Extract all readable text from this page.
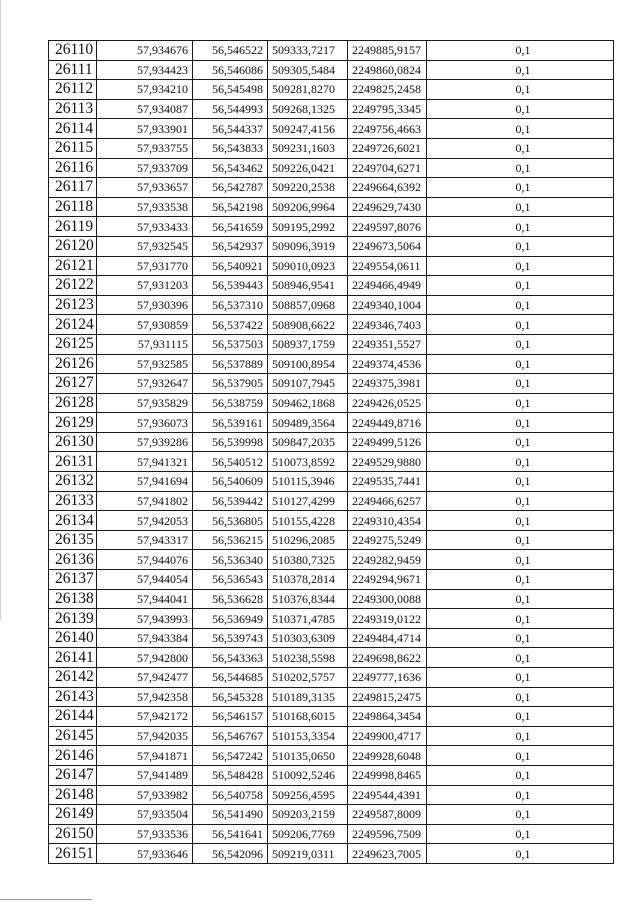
26110	57,934676	56,546522	509333,7217	2249885,9157	0,1
26111	57,934423	56,546086	509305,5484	2249860,0824	0,1
26112	57,934210	56,545498	509281,8270	2249825,2458	0,1
26113	57,934087	56,544993	509268,1325	2249795,3345	0,1
26114	57,933901	56,544337	509247,4156	2249756,4663	0,1
26115	57,933755	56,543833	509231,1603	2249726,6021	0,1
26116	57,933709	56,543462	509226,0421	2249704,6271	0,1
26117	57,933657	56,542787	509220,2538	2249664,6392	0,1
26118	57,933538	56,542198	509206,9964	2249629,7430	0,1
26119	57,933433	56,541659	509195,2992	2249597,8076	0,1
26120	57,932545	56,542937	509096,3919	2249673,5064	0,1
26121	57,931770	56,540921	509010,0923	2249554,0611	0,1
26122	57,931203	56,539443	508946,9541	2249466,4949	0,1
26123	57,930396	56,537310	508857,0968	2249340,1004	0,1
26124	57,930859	56,537422	508908,6622	2249346,7403	0,1
26125	57,931115	56,537503	508937,1759	2249351,5527	0,1
26126	57,932585	56,537889	509100,8954	2249374,4536	0,1
26127	57,932647	56,537905	509107,7945	2249375,3981	0,1
26128	57,935829	56,538759	509462,1868	2249426,0525	0,1
26129	57,936073	56,539161	509489,3564	2249449,8716	0,1
26130	57,939286	56,539998	509847,2035	2249499,5126	0,1
26131	57,941321	56,540512	510073,8592	2249529,9880	0,1
26132	57,941694	56,540609	510115,3946	2249535,7441	0,1
26133	57,941802	56,539442	510127,4299	2249466,6257	0,1
26134	57,942053	56,536805	510155,4228	2249310,4354	0,1
26135	57,943317	56,536215	510296,2085	2249275,5249	0,1
26136	57,944076	56,536340	510380,7325	2249282,9459	0,1
26137	57,944054	56,536543	510378,2814	2249294,9671	0,1
26138	57,944041	56,536628	510376,8344	2249300,0088	0,1
26139	57,943993	56,536949	510371,4785	2249319,0122	0,1
26140	57,943384	56,539743	510303,6309	2249484,4714	0,1
26141	57,942800	56,543363	510238,5598	2249698,8622	0,1
26142	57,942477	56,544685	510202,5757	2249777,1636	0,1
26143	57,942358	56,545328	510189,3135	2249815,2475	0,1
26144	57,942172	56,546157	510168,6015	2249864,3454	0,1
26145	57,942035	56,546767	510153,3354	2249900,4717	0,1
26146	57,941871	56,547242	510135,0650	2249928,6048	0,1
26147	57,941489	56,548428	510092,5246	2249998,8465	0,1
26148	57,933982	56,540758	509256,4595	2249544,4391	0,1
26149	57,933504	56,541490	509203,2159	2249587,8009	0,1
26150	57,933536	56,541641	509206,7769	2249596,7509	0,1
26151	57,933646	56,542096	509219,0311	2249623,7005	0,1
